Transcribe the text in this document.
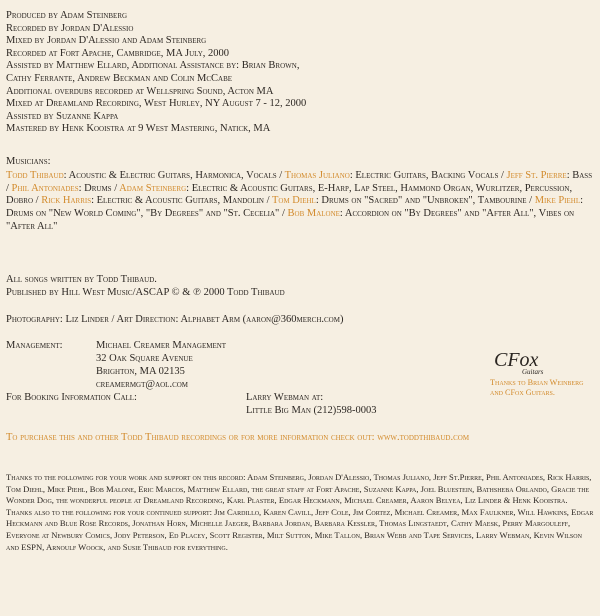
Produced by Adam Steinberg
Recorded by Jordan D'Alessio
Mixed by Jordan D'Alessio and Adam Steinberg
Recorded at Fort Apache, Cambridge, MA July, 2000
Assisted by Matthew Ellard, Additional Assistance by: Brian Brown,
Cathy Ferrante, Andrew Beckman and Colin McCabe
Additional overdubs recorded at Wellspring Sound, Acton MA
Mixed at Dreamland Recording, West Hurley, NY August 7 - 12, 2000
Assisted by Suzanne Kappa
Mastered by Henk Kooistra at 9 West Mastering, Natick, MA
Musicians:
Todd Thibaud: Acoustic & Electric Guitars, Harmonica, Vocals / Thomas Juliano: Electric Guitars, Backing Vocals / Jeff St. Pierre: Bass / Phil Antoniades: Drums / Adam Steinberg: Electric & Acoustic Guitars, E-Harp, Lap Steel, Hammond Organ, Wurlitzer, Percussion, Dobro / Rick Harris: Electric & Acoustic Guitars, Mandolin / Tom Diehl: Drums on "Sacred" and "Unbroken", Tambourine / Mike Piehl: Drums on "New World Coming", "By Degrees" and "St. Cecelia" / Bob Malone: Accordion on "By Degrees" and "After All", Vibes on "After All"
All songs written by Todd Thibaud.
Published by Hill West Music/ASCAP © & ℗ 2000 Todd Thibaud
Photography: Liz Linder / Art Direction: Alphabet Arm (aaron@360merch.com)
Management:	Michael Creamer Management
32 Oak Square Avenue
Brighton, MA 02135
creamermgt@aol.com
For Booking Information Call:	Larry Webman at:
Little Big Man (212)598-0003
CFox
Guitars
Thanks to Brian Weinberg and CFox Guitars.
To purchase this and other Todd Thibaud recordings or for more information check out: www.toddthibaud.com
Thanks to the following for your work and support on this record: Adam Steinberg, Jordan D'Alessio, Thomas Juliano, Jeff St.Pierre, Phil Antoniades, Rick Harris, Tom Diehl, Mike Piehl, Bob Malone, Eric Marcos, Matthew Ellard, the great staff at Fort Apache, Suzanne Kappa, Joel Bluestein, Bathsheba Orlando, Gracie the Wonder Dog, the wonderful people at Dreamland Recording, Karl Plaster, Edgar Heckmann, Michael Creamer, Aaron Belyea, Liz Linder & Henk Kooistra.
Thanks also to the following for your continued support: Jim Cardillo, Karen Cavill, Jeff Cole, Jim Cortez, Michael Creamer, Max Faulkner, Will Hawkins, Edgar Heckmann and Blue Rose Records, Jonathan Horn, Michelle Jaeger, Barbara Jordan, Barbara Kessler, Thomas Lingstaedt, Cathy Maesk, Perry Margouleff, Everyone at Newbury Comics, Jody Peterson, Ed Placey, Scott Register, Milt Sutton, Mike Tallon, Brian Webb and Tape Services, Larry Webman, Kevin Wilson and ESPN, Arnoulf Woock, and Susie Thibaud for everything.
